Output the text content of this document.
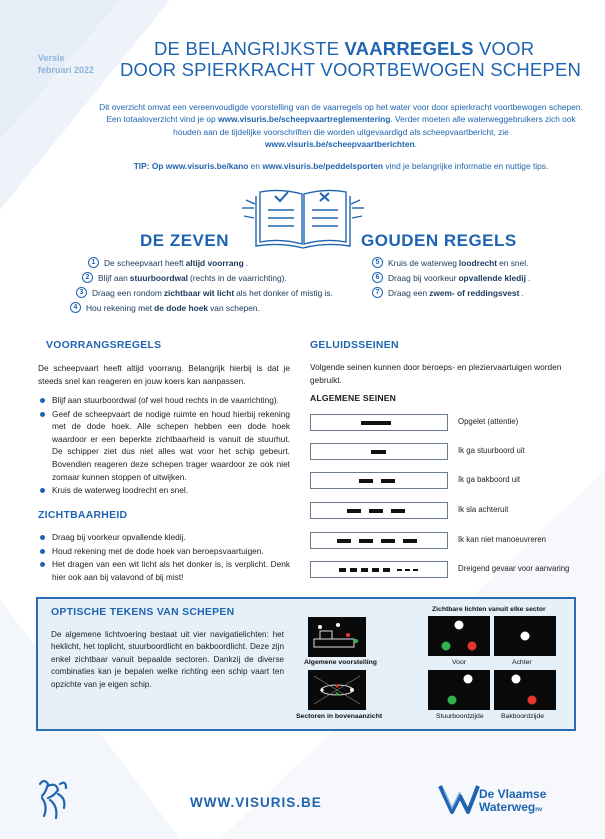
Versie
februari 2022
DE BELANGRIJKSTE VAARREGELS VOOR
DOOR SPIERKRACHT VOORTBEWOGEN SCHEPEN
Dit overzicht omvat een vereenvoudigde voorstelling van de vaarregels op het water voor door spierkracht voortbewogen schepen. Een totaaloverzicht vind je op www.visuris.be/scheepvaartreglementering. Verder moeten alle waterweggebruikers zich ook houden aan de tijdelijke voorschriften die worden uitgevaardigd als scheepvaartbericht, zie www.visuris.be/scheepvaartberichten.
TIP: Op www.visuris.be/kano en www.visuris.be/peddelsporten vind je belangrijke informatie en nuttige tips.
DE ZEVEN	GOUDEN REGELS
1	De scheepvaart heeft altijd voorrang .
2	Blijf aan stuurboordwal (rechts in de vaarrichting).
3	Draag een rondom zichtbaar wit licht als het donker of mistig is.
4	Hou rekening met de dode hoek van schepen.
5	Kruis de waterweg loodrecht en snel.
6	Draag bij voorkeur opvallende kledij .
7	Draag een zwem- of reddingsvest .
VOORRANGSREGELS
De scheepvaart heeft altijd voorrang. Belangrijk hierbij is dat je steeds snel kan reageren en jouw koers kan aanpassen.
Blijf aan stuurboordwal (of wel houd rechts in de vaarrichting).
Geef de scheepvaart de nodige ruimte en houd hierbij rekening met de dode hoek. Alle schepen hebben een dode hoek waardoor er een beperkte zichtbaarheid is vanuit de stuurhut. De schipper ziet dus niet alles wat voor het schip gebeurt. Bovendien reageren deze schepen trager waardoor ze ook niet zomaar kunnen stoppen of uitwijken.
Kruis de waterweg loodrecht en snel.
ZICHTBAARHEID
Draag bij voorkeur opvallende kledij.
Houd rekening met de dode hoek van beroepsvaartuigen.
Het dragen van een wit licht als het donker is, is verplicht. Denk hier ook aan bij valavond of bij mist!
GELUIDSSEINEN
Volgende seinen kunnen door beroeps- en pleziervaartuigen worden gebruikt.
ALGEMENE SEINEN
Opgelet (attentie)
Ik ga stuurboord uit
Ik ga bakboord uit
Ik sla achteruit
Ik kan niet manoeuvreren
Dreigend gevaar voor aanvaring
OPTISCHE TEKENS VAN SCHEPEN
De algemene lichtvoering bestaat uit vier navigatielichten: het heklicht, het toplicht, stuurboordlicht en bakboordlicht. Deze zijn enkel zichtbaar vanuit bepaalde sectoren. Dankzij de diverse combinaties kan je bepalen welke richting een schip vaart ten opzichte van je eigen schip.
Algemene voorstelling
Sectoren in bovenaanzicht
Zichtbare lichten vanuit elke sector
Voor	Achter
Stuurboordzijde	Bakboordzijde
WWW.VISURIS.BE
De Vlaamse
Waterwegnv
